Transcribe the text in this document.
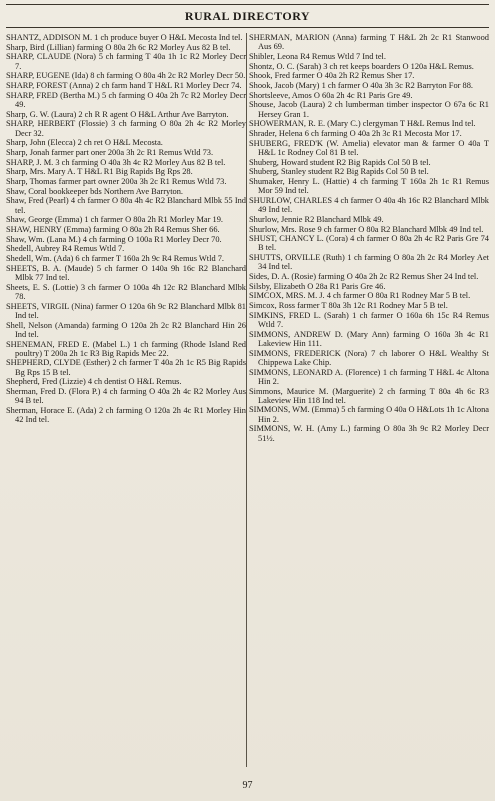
RURAL DIRECTORY

SHANTZ, ADDISON M. 1 ch produce buyer O H&L Mecosta Ind tel.

Sharp, Bird (Lillian) farming O 80a 2h 6c R2 Morley Aus 82 B tel.

SHARP, CLAUDE (Nora) 5 ch farming T 40a 1h 1c R2 Morley Decr 7.

SHARP, EUGENE (Ida) 8 ch farming O 80a 4h 2c R2 Morley Decr 50.

SHARP, FOREST (Anna) 2 ch farm hand T H&L R1 Morley Decr 74.

SHARP, FRED (Bertha M.) 5 ch farming O 40a 2h 7c R2 Morley Decr 49.

Sharp, G. W. (Laura) 2 ch R R agent O H&L Arthur Ave Barryton.

SHARP, HERBERT (Flossie) 3 ch farming O 80a 2h 4c R2 Morley Decr 32.

Sharp, John (Elecca) 2 ch ret O H&L Mecosta.

Sharp, Jonah farmer part oner 200a 3h 2c R1 Remus Wtld 73.

SHARP, J. M. 3 ch farming O 40a 3h 4c R2 Morley Aus 82 B tel.

Sharp, Mrs. Mary A. T H&L R1 Big Rapids Bg Rps 28.

Sharp, Thomas farmer part owner 200a 3h 2c R1 Remus Wtld 73.

Shaw, Coral bookkeeper bds Northern Ave Barryton.

Shaw, Fred (Pearl) 4 ch farmer O 80a 4h 4c R2 Blanchard Mlbk 55 Ind tel.

Shaw, George (Emma) 1 ch farmer O 80a 2h R1 Morley Mar 19.

SHAW, HENRY (Emma) farming O 80a 2h R4 Remus Sher 66.

Shaw, Wm. (Lana M.) 4 ch farming O 100a R1 Morley Decr 70.

Shedell, Aubrey R4 Remus Wtld 7.

Shedell, Wm. (Ada) 6 ch farmer T 160a 2h 9c R4 Remus Wtld 7.

SHEETS, B. A. (Maude) 5 ch farmer O 140a 9h 16c R2 Blanchard Mlbk 77 Ind tel.

Sheets, E. S. (Lottie) 3 ch farmer O 100a 4h 12c R2 Blanchard Mlbk 78.

SHEETS, VIRGIL (Nina) farmer O 120a 6h 9c R2 Blanchard Mlbk 81 Ind tel.

Shell, Nelson (Amanda) farming O 120a 2h 2c R2 Blanchard Hin 26 Ind tel.

SHENEMAN, FRED E. (Mabel L.) 1 ch farming (Rhode Island Red poultry) T 200a 2h 1c R3 Big Rapids Mec 22.

SHEPHERD, CLYDE (Esther) 2 ch farmer T 40a 2h 1c R5 Big Rapids Bg Rps 15 B tel.

Shepherd, Fred (Lizzie) 4 ch dentist O H&L Remus.

Sherman, Fred D. (Flora P.) 4 ch farming O 40a 2h 4c R2 Morley Aus 94 B tel.

Sherman, Horace E. (Ada) 2 ch farming O 120a 2h 4c R1 Morley Hin 42 Ind tel.

SHERMAN, MARION (Anna) farming T H&L 2h 2c R1 Stanwood Aus 69.

Shibler, Leona R4 Remus Wtld 7 Ind tel.

Shontz, O. C. (Sarah) 3 ch ret keeps boarders O 120a H&L Remus.

Shook, Fred farmer O 40a 2h R2 Remus Sher 17.

Shook, Jacob (Mary) 1 ch farmer O 40a 3h 3c R2 Barryton For 88.

Shortsleeve, Amos O 60a 2h 4c R1 Paris Gre 49.

Shouse, Jacob (Laura) 2 ch lumberman timber inspector O 67a 6c R1 Hersey Gran 1.

SHOWERMAN, R. E. (Mary C.) clergyman T H&L Remus Ind tel.

Shrader, Helena 6 ch farming O 40a 2h 3c R1 Mecosta Mor 17.

SHUBERG, FRED'K (W. Amelia) elevator man & farmer O 40a T H&L 1c Rodney Col 81 B tel.

Shuberg, Howard student R2 Big Rapids Col 50 B tel.

Shuberg, Stanley student R2 Big Rapids Col 50 B tel.

Shumaker, Henry L. (Hattie) 4 ch farming T 160a 2h 1c R1 Remus Mor 59 Ind tel.

SHURLOW, CHARLES 4 ch farmer O 40a 4h 16c R2 Blanchard Mlbk 49 Ind tel.

Shurlow, Jennie R2 Blanchard Mlbk 49.

Shurlow, Mrs. Rose 9 ch farmer O 80a R2 Blanchard Mlbk 49 Ind tel.

SHUST, CHANCY L. (Cora) 4 ch farmer O 80a 2h 4c R2 Paris Gre 74 B tel.

SHUTTS, ORVILLE (Ruth) 1 ch farming O 80a 2h 2c R4 Morley Aet 34 Ind tel.

Sides, D. A. (Rosie) farming O 40a 2h 2c R2 Remus Sher 24 Ind tel.

Silsby, Elizabeth O 28a R1 Paris Gre 46.

SIMCOX, MRS. M. J. 4 ch farmer O 80a R1 Rodney Mar 5 B tel.

Simcox, Ross farmer T 80a 3h 12c R1 Rodney Mar 5 B tel.

SIMKINS, FRED L. (Sarah) 1 ch farmer O 160a 6h 15c R4 Remus Wtld 7.

SIMMONS, ANDREW D. (Mary Ann) farming O 160a 3h 4c R1 Lakeview Hin 111.

SIMMONS, FREDERICK (Nora) 7 ch laborer O H&L Wealthy St Chippewa Lake Chip.

SIMMONS, LEONARD A. (Florence) 1 ch farming T H&L 4c Altona Hin 2.

Simmons, Maurice M. (Marguerite) 2 ch farming T 80a 4h 6c R3 Lakeview Hin 118 Ind tel.

SIMMONS, WM. (Emma) 5 ch farming O 40a O H&Lots 1h 1c Altona Hin 2.

SIMMONS, W. H. (Amy L.) farming O 80a 3h 9c R2 Morley Decr 51½.

97
